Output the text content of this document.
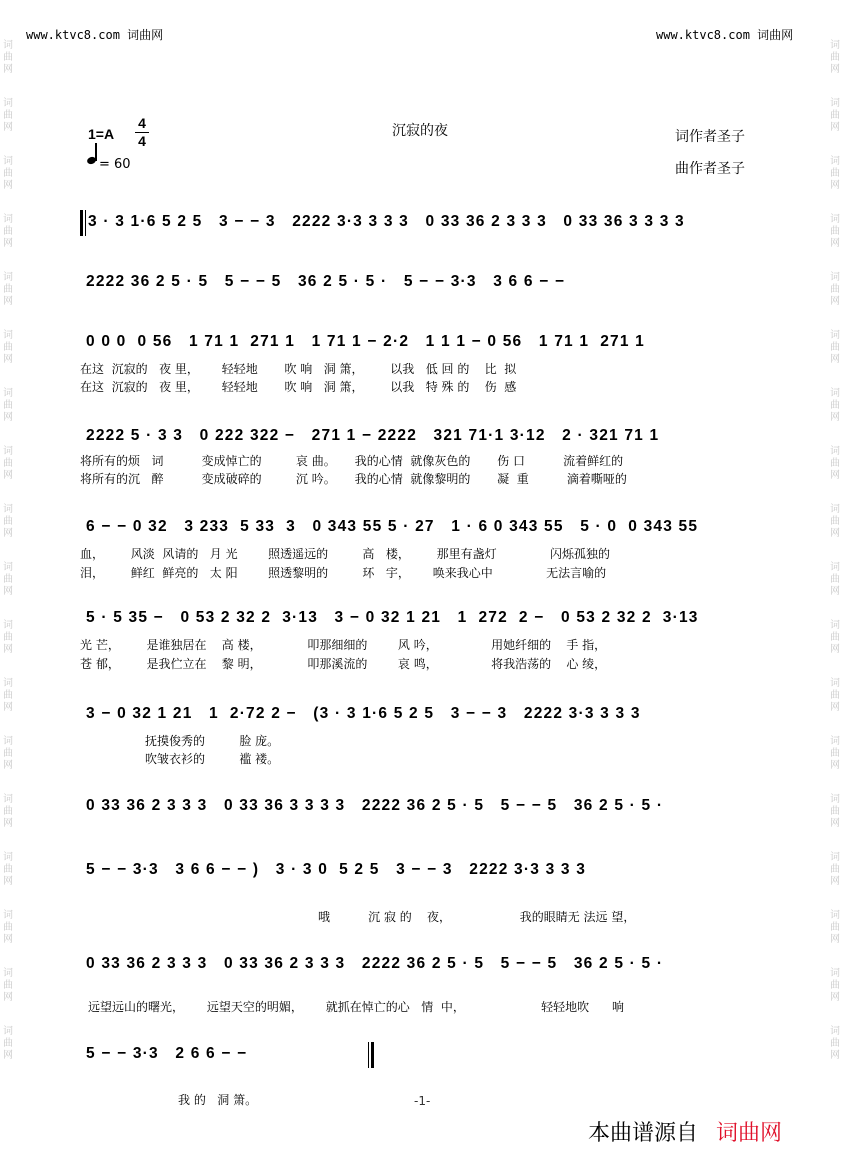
词
曲
网
词
曲
网
词
曲
网
词
曲
网
词
曲
网
词
曲
网
词
曲
网
词
曲
网
词
曲
网
词
曲
网
词
曲
网
词
曲
网
词
曲
网
词
曲
网
词
曲
网
词
曲
网
词
曲
网
词
曲
网
词
曲
网
词
曲
网
词
曲
网
词
曲
网
词
曲
网
词
曲
网
词
曲
网
词
曲
网
词
曲
网
词
曲
网
词
曲
网
词
曲
网
词
曲
网
词
曲
网
词
曲
网
词
曲
网
词
曲
网
词
曲
网
www.ktvc8.com 词曲网	www.ktvc8.com 词曲网
1=A
4
4
= 60
沉寂的夜	词作者圣子
曲作者圣子
3 · 3 1·6 5 2 5   3 − − 3   2222 3·3 3 3 3   0 33 36 2 3 3 3   0 33 36 3 3 3 3
2222 36 2 5 · 5   5 − − 5   36 2 5 · 5 ·   5 − − 3·3   3 6 6 − −
0 0 0  0 56   1 71 1  271 1   1 71 1 − 2·2   1 1 1 − 0 56   1 71 1  271 1
在这  沉寂的   夜 里，      轻轻地       吹 响   洞 箫，       以我   低 回 的    比  拟
在这  沉寂的   夜 里，      轻轻地       吹 响   洞 箫，       以我   特 殊 的    伤  感
2222 5 · 3 3   0 222 322 −   271 1 − 2222   321 71·1 3·12   2 · 321 71 1
将所有的烦   词          变成悼亡的         哀 曲。     我的心情  就像灰色的       伤 口          流着鲜红的
将所有的沉   醉          变成破碎的         沉 吟。     我的心情  就像黎明的       凝  重          滴着嘶哑的
6 − − 0 32   3 233  5 33  3   0 343 55 5 · 27   1 · 6 0 343 55   5 · 0  0 343 55
血，       风淡  风请的   月 光        照透遥远的         高   楼，       那里有盏灯              闪烁孤独的
泪，       鲜红  鲜亮的   太 阳        照透黎明的         环   宇，      唤来我心中              无法言喻的
5 · 5 35 −   0 53 2 32 2  3·13   3 − 0 32 1 21   1  272  2 −   0 53 2 32 2  3·13
光 芒，       是谁独居在    高 楼，            叩那细细的        风 吟，              用她纤细的    手 指，
苍 郁，       是我伫立在    黎 明，            叩那溪流的        哀 鸣，              将我浩荡的    心 绫，
3 − 0 32 1 21   1  2·72 2 −   (3 · 3 1·6 5 2 5   3 − − 3   2222 3·3 3 3 3
抚摸俊秀的         脸 庞。
吹皱衣衫的         褴 褛。
0 33 36 2 3 3 3   0 33 36 3 3 3 3   2222 36 2 5 · 5   5 − − 5   36 2 5 · 5 ·
5 − − 3·3   3 6 6 − − )   3 · 3 0  5 2 5   3 − − 3   2222 3·3 3 3 3
哦          沉 寂 的    夜，                  我的眼睛无 法远 望，
0 33 36 2 3 3 3   0 33 36 2 3 3 3   2222 36 2 5 · 5   5 − − 5   36 2 5 · 5 ·
远望远山的曙光，      远望天空的明媚，      就抓在悼亡的心   情  中，                    轻轻地吹      响
5 − − 3·3   2 6 6 − −
我 的   洞 箫。	-1-
本曲谱源自 词曲网
